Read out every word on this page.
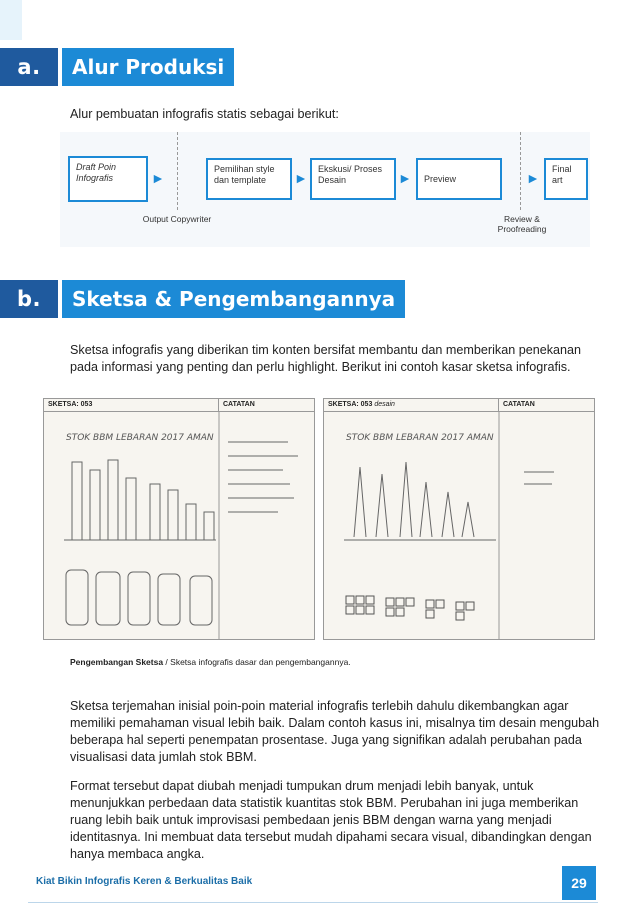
a.	Alur Produksi
Alur pembuatan infografis statis sebagai berikut:
Draft Poin Infografis	►
Pemilihan style dan template	►
Ekskusi/ Proses Desain	►	Preview	►
Final art
Output Copywriter	Review & Proofreading
b.	Sketsa & Pengembangannya
Sketsa infografis yang diberikan tim konten bersifat membantu dan memberikan penekanan pada informasi yang penting dan perlu highlight. Berikut ini contoh kasar sketsa infografis.
SKETSA: 053	CATATAN
STOK BBM LEBARAN 2017 AMAN
SKETSA: 053 desain	CATATAN
STOK BBM LEBARAN 2017 AMAN
Pengembangan Sketsa / Sketsa infografis dasar dan pengembangannya.
Sketsa terjemahan inisial poin-poin material infografis terlebih dahulu dikembangkan agar memiliki pemahaman visual lebih baik. Dalam contoh kasus ini, misalnya tim desain mengubah beberapa hal seperti penempatan prosentase. Juga yang signifikan adalah perubahan pada visualisasi data jumlah stok BBM.
Format tersebut dapat diubah menjadi tumpukan drum menjadi lebih banyak, untuk menunjukkan perbedaan data statistik kuantitas stok BBM. Perubahan ini juga memberikan ruang lebih baik untuk improvisasi pembedaan jenis BBM dengan warna yang menjadi identitasnya. Ini membuat data tersebut mudah dipahami secara visual, dibandingkan dengan hanya membaca angka.
Kiat Bikin Infografis Keren & Berkualitas Baik	29
